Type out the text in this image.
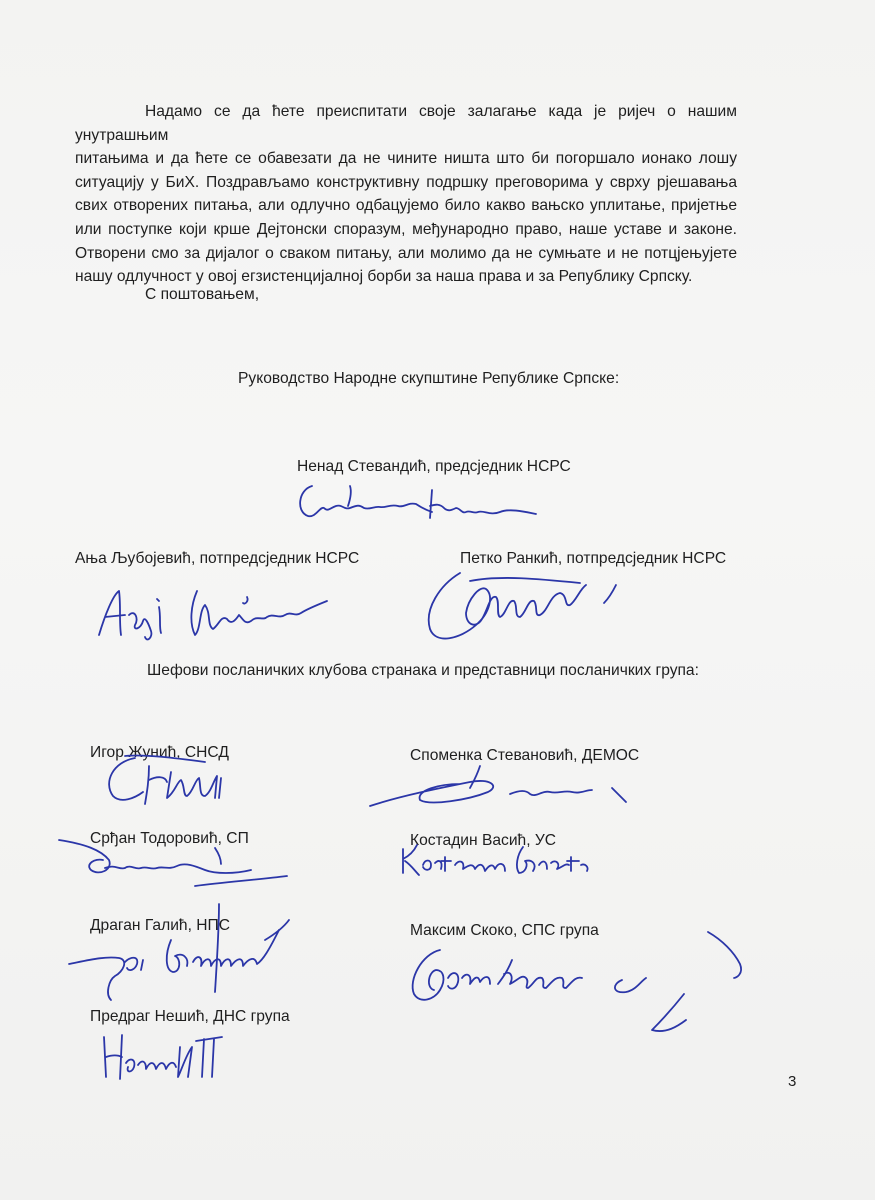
Надамо се да ћете преиспитати своје залагање када је ријеч о нашим унутрашњим
питањима и да ћете се обавезати да не чините ништа што би погоршало ионако лошу
ситуацију у БиХ. Поздрављамо конструктивну подршку преговорима у сврху рјешавања
свих отворених питања, али одлучно одбацујемо било какво вањско уплитање, пријетње
или поступке који крше Дејтонски споразум, међународно право, наше уставе и законе.
Отворени смо за дијалог о сваком питању, али молимо да не сумњате и не потцјењујете
нашу одлучност у овој егзистенцијалној борби за наша права и за Републику Српску.
С поштовањем,
Руководство Народне скупштине Републике Српске:
Ненад Стевандић, предсједник НСРС
Ања Љубојевић, потпредсједник НСРС	Петко Ранкић, потпредсједник НСРС
Шефови посланичких клубова странака и представници посланичких група:
Игор Жунић, СНСД	Споменка Стевановић, ДЕМОС
Срђан Тодоровић, СП	Костадин Васић, УС
Драган Галић, НПС	Максим Скоко, СПС група
Предраг Нешић, ДНС група
3
